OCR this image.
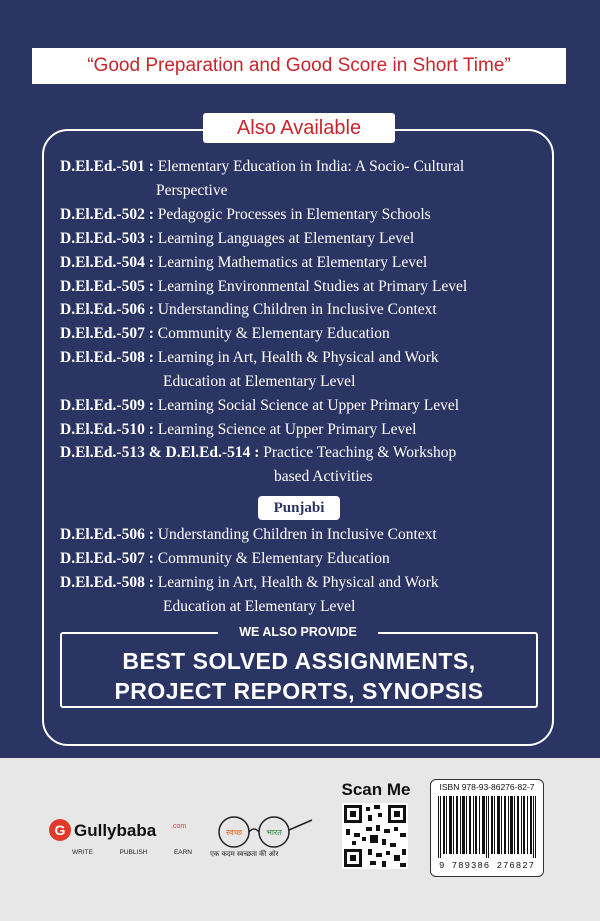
“Good Preparation and Good Score in Short Time”
Also Available
D.El.Ed.-501 : Elementary Education in India: A Socio- Cultural
Perspective
D.El.Ed.-502 : Pedagogic Processes in Elementary Schools
D.El.Ed.-503 : Learning Languages at Elementary Level
D.El.Ed.-504 : Learning Mathematics at Elementary Level
D.El.Ed.-505 : Learning Environmental Studies at Primary Level
D.El.Ed.-506 : Understanding Children in Inclusive Context
D.El.Ed.-507 : Community & Elementary Education
D.El.Ed.-508 : Learning in Art, Health & Physical and Work
Education at Elementary Level
D.El.Ed.-509 : Learning Social Science at Upper Primary Level
D.El.Ed.-510 : Learning Science at Upper Primary Level
D.El.Ed.-513 & D.El.Ed.-514 : Practice Teaching & Workshop
based Activities
Punjabi
D.El.Ed.-506 : Understanding Children in Inclusive Context
D.El.Ed.-507 : Community & Elementary Education
D.El.Ed.-508 : Learning in Art, Health & Physical and Work
Education at Elementary Level
WE ALSO PROVIDE
BEST SOLVED ASSIGNMENTS,
PROJECT REPORTS, SYNOPSIS
G Gullybaba .com
WRITE	PUBLISH	EARN
स्वच्छ	भारत
एक कदम स्वच्छता की ओर
Scan Me	ISBN 978-93-86276-82-7
9 789386 276827
